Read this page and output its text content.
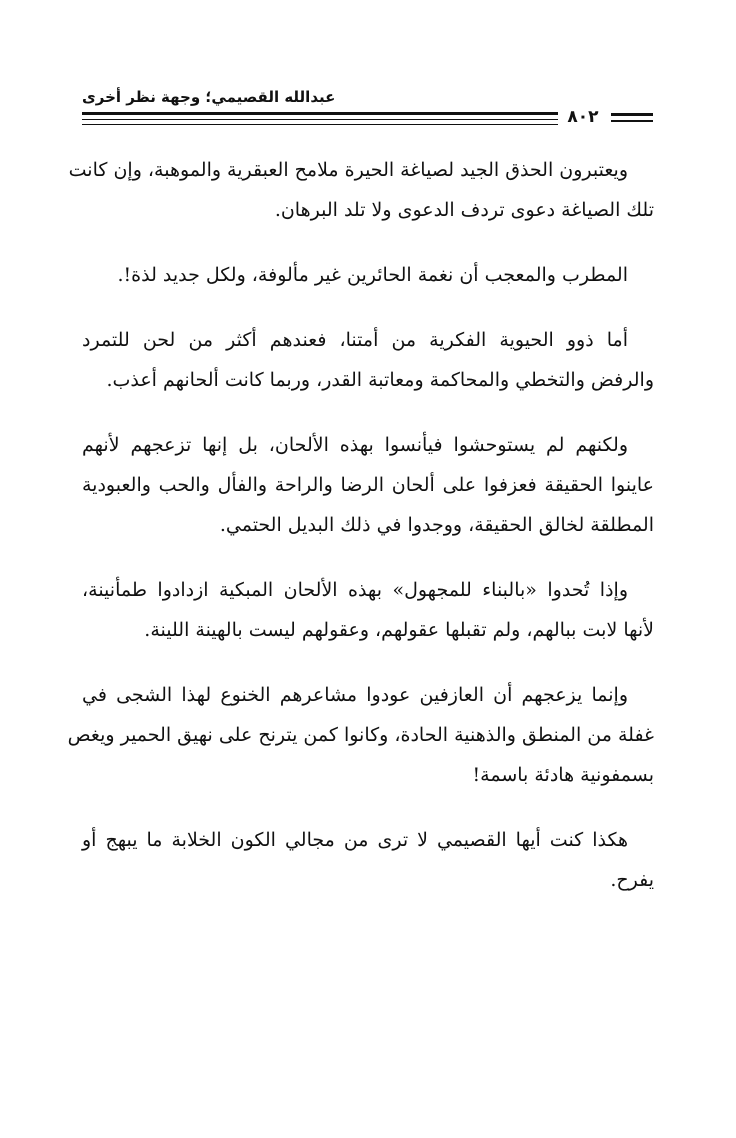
عبدالله القصيمي؛ وجهة نظر أخرى
٨٠٢

ويعتبرون الحذق الجيد لصياغة الحيرة ملامح العبقرية والموهبة، وإن كانت
تلك الصياغة دعوى تردف الدعوى ولا تلد البرهان.

المطرب والمعجب أن نغمة الحائرين غير مألوفة، ولكل جديد لذة!.

أما ذوو الحيوية الفكرية من أمتنا، فعندهم أكثر من لحن للتمرد
والرفض والتخطي والمحاكمة ومعاتبة القدر، وربما كانت ألحانهم أعذب.

ولكنهم لم يستوحشوا فيأنسوا بهذه الألحان، بل إنها تزعجهم لأنهم
عاينوا الحقيقة فعزفوا على ألحان الرضا والراحة والفأل والحب والعبودية
المطلقة لخالق الحقيقة، ووجدوا في ذلك البديل الحتمي.

وإذا تُحدوا «بالبناء للمجهول» بهذه الألحان المبكية ازدادوا طمأنينة،
لأنها لابت ببالهم، ولم تقبلها عقولهم، وعقولهم ليست بالهينة اللينة.

وإنما يزعجهم أن العازفين عودوا مشاعرهم الخنوع لهذا الشجى في
غفلة من المنطق والذهنية الحادة، وكانوا كمن يترنح على نهيق الحمير ويغص
بسمفونية هادئة باسمة!

هكذا كنت أيها القصيمي لا ترى من مجالي الكون الخلابة ما يبهج أو
يفرح.
